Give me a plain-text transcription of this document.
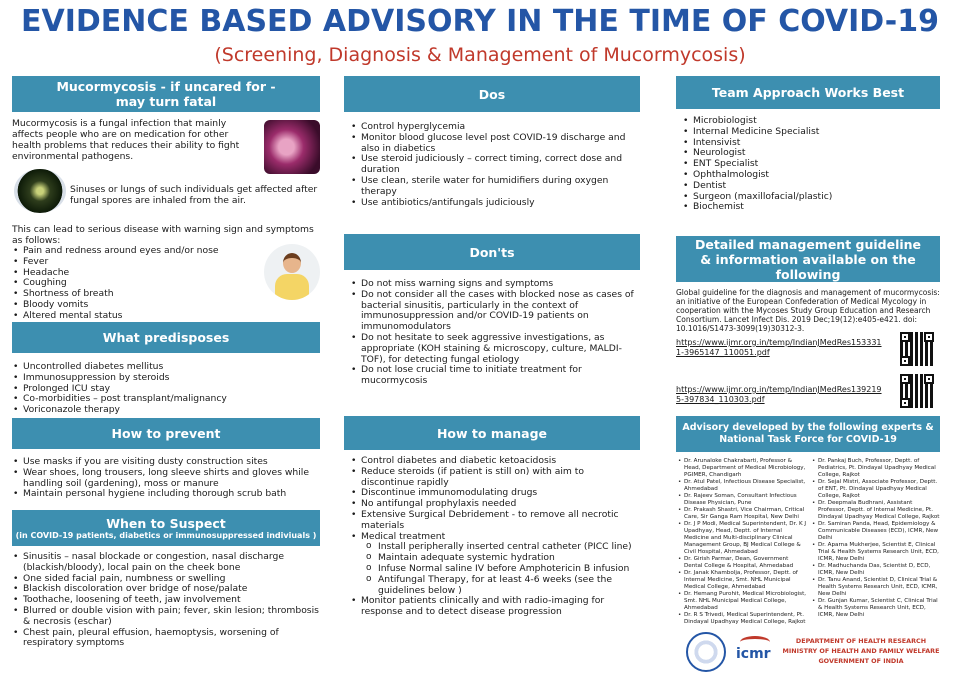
EVIDENCE BASED ADVISORY IN THE TIME OF COVID-19
(Screening, Diagnosis & Management of Mucormycosis)
Mucormycosis - if uncared for - may turn fatal
Mucormycosis is a fungal infection that mainly affects people who are on medication for other health problems that reduces their ability to fight environmental pathogens.
Sinuses or lungs of such individuals get affected after fungal spores are inhaled from the air.
This can lead to serious disease with warning sign and symptoms as follows:
• Pain and redness around eyes and/or nose
• Fever
• Headache
• Coughing
• Shortness of breath
• Bloody vomits
• Altered mental status
What predisposes
• Uncontrolled diabetes mellitus
• Immunosuppression by steroids
• Prolonged ICU stay
• Co-morbidities – post transplant/malignancy
• Voriconazole therapy
How to prevent
• Use masks if you are visiting dusty construction sites
• Wear shoes, long trousers, long sleeve shirts and gloves while handling soil (gardening), moss or manure
• Maintain personal hygiene including thorough scrub bath
When to Suspect
(in COVID-19 patients, diabetics or immunosuppressed indiviuals )
• Sinusitis – nasal blockade or congestion, nasal discharge (blackish/bloody), local pain on the cheek bone
• One sided facial pain, numbness or swelling
• Blackish discoloration over bridge of nose/palate
• Toothache, loosening of teeth, jaw involvement
• Blurred or double vision with pain; fever, skin lesion; thrombosis & necrosis (eschar)
• Chest pain, pleural effusion, haemoptysis, worsening of respiratory symptoms
Dos
• Control hyperglycemia
• Monitor blood glucose level post COVID-19 discharge and also in diabetics
• Use steroid judiciously – correct timing, correct dose and duration
• Use clean, sterile water for humidifiers during oxygen therapy
• Use antibiotics/antifungals judiciously
Don'ts
• Do not miss warning signs and symptoms
• Do not consider all the cases with blocked nose as cases of bacterial sinusitis, particularly in the context of immunosuppression and/or COVID-19 patients on immunomodulators
• Do not hesitate to seek aggressive investigations, as appropriate (KOH staining & microscopy, culture, MALDI-TOF), for detecting fungal etiology
• Do not lose crucial time to initiate treatment for mucormycosis
How to manage
• Control diabetes and diabetic ketoacidosis
• Reduce steroids (if patient is still on) with aim to discontinue rapidly
• Discontinue immunomodulating drugs
• No antifungal prophylaxis needed
• Extensive Surgical Debridement - to remove all necrotic materials
• Medical treatment
o Install peripherally inserted central catheter (PICC line)
o Maintain adequate systemic hydration
o Infuse Normal saline IV before Amphotericin B infusion
o Antifungal Therapy, for at least 4-6 weeks (see the guidelines below )
• Monitor patients clinically and with radio-imaging for response and to detect disease progression
Team Approach Works Best
• Microbiologist
• Internal Medicine Specialist
• Intensivist
• Neurologist
• ENT Specialist
• Ophthalmologist
• Dentist
• Surgeon (maxillofacial/plastic)
• Biochemist
Detailed management guideline & information available on the following
Global guideline for the diagnosis and management of mucormycosis: an initiative of the European Confederation of Medical Mycology in cooperation with the Mycoses Study Group Education and Research Consortium. Lancet Infect Dis. 2019 Dec;19(12):e405-e421. doi: 10.1016/S1473-3099(19)30312-3.
https://www.ijmr.org.in/temp/IndianJMedRes1533311-3965147_110051.pdf
https://www.ijmr.org.in/temp/IndianJMedRes1392195-397834_110303.pdf
Advisory developed by the following experts & National Task Force for COVID-19
• Dr. Arunaloke Chakrabarti, Professor & Head, Department of Medical Microbiology, PGIMER, Chandigarh
• Dr. Atul Patel, Infectious Disease Specialist, Ahmedabad
• Dr. Rajeev Soman, Consultant Infectious Disease Physician, Pune
• Dr. Prakash Shastri, Vice Chairman, Critical Care, Sir Ganga Ram Hospital, New Delhi
• Dr. J P Modi, Medical Superintendent, Dr. K J Upadhyay, Head, Deptt. of Internal Medicine and Multi-disciplinary Clinical Management Group, BJ Medical College & Civil Hospital, Ahmedabad
• Dr. Girish Parmar, Dean, Government Dental College & Hospital, Ahmedabad
• Dr. Janak Khambolja, Professor, Deptt. of Internal Medicine, Smt. NHL Municipal Medical College, Ahmedabad
• Dr. Hemang Purohit, Medical Microbiologist, Smt. NHL Municipal Medical College, Ahmedabad
• Dr. R S Trivedi, Medical Superintendent, Pt. Dindayal Upadhyay Medical College, Rajkot
• Dr. Pankaj Buch, Professor, Deptt. of Pediatrics, Pt. Dindayal Upadhyay Medical College, Rajkot
• Dr. Sejal Mistri, Associate Professor, Deptt. of ENT, Pt. Dindayal Upadhyay Medical College, Rajkot
• Dr. Deepmala Budhrani, Assistant Professor, Deptt. of Internal Medicine, Pt. Dindayal Upadhyay Medical College, Rajkot
• Dr. Samiran Panda, Head, Epidemiology & Communicable Diseases (ECD), ICMR, New Delhi
• Dr. Aparna Mukherjee, Scientist E, Clinical Trial & Health Systems Research Unit, ECD, ICMR, New Delhi
• Dr. Madhuchanda Das, Scientist D, ECD, ICMR, New Delhi
• Dr. Tanu Anand, Scientist D, Clinical Trial & Health Systems Research Unit, ECD, ICMR, New Delhi
• Dr. Gunjan Kumar, Scientist C, Clinical Trial & Health Systems Research Unit, ECD, ICMR, New Delhi
icmr
DEPARTMENT OF HEALTH RESEARCH
MINISTRY OF HEALTH AND FAMILY WELFARE
GOVERNMENT OF INDIA
